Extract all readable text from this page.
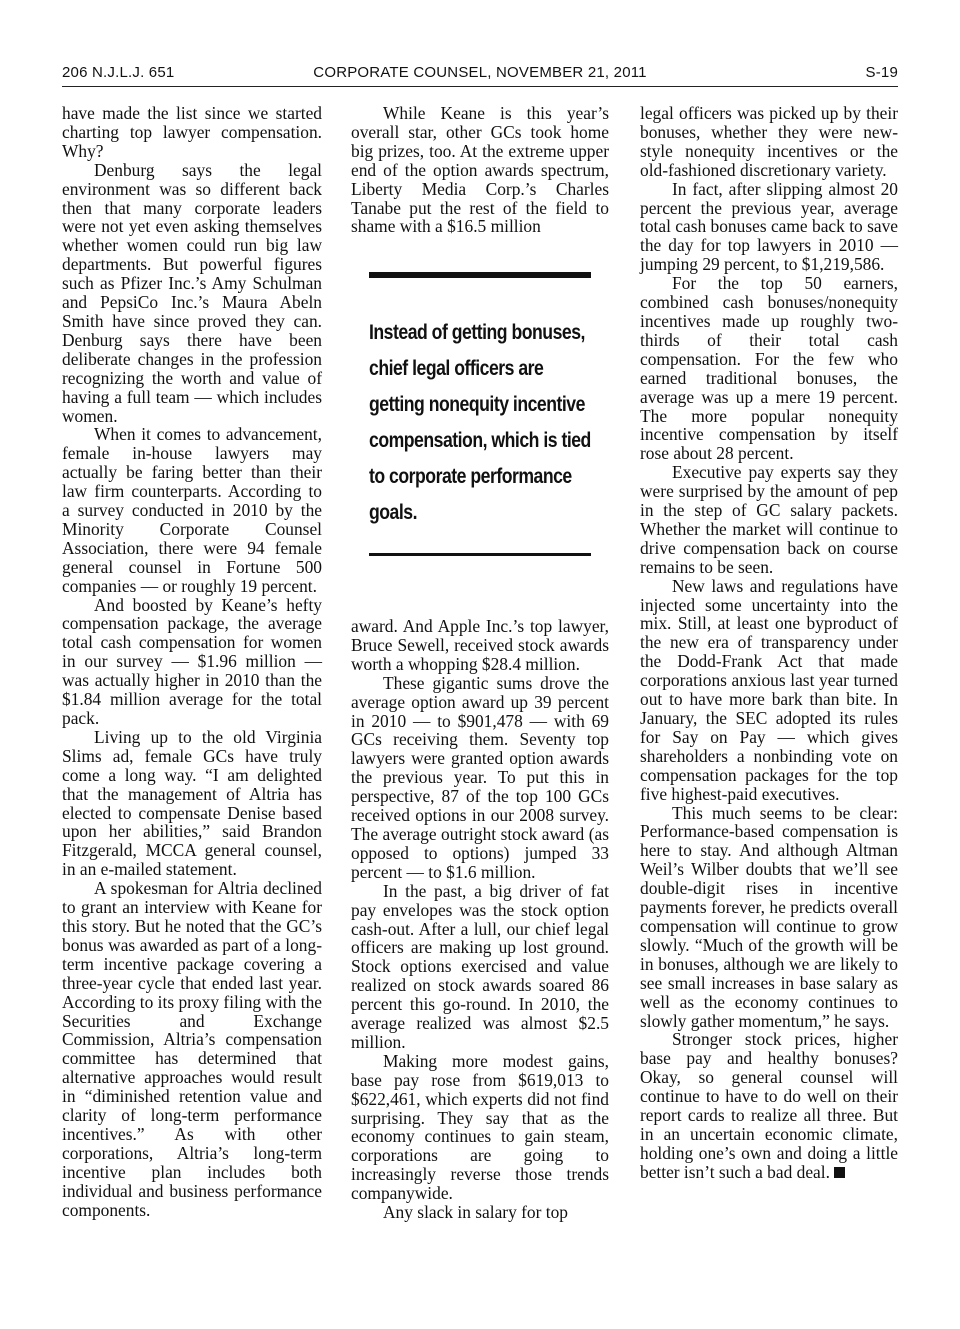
206 N.J.L.J. 651	CORPORATE COUNSEL, NOVEMBER 21, 2011	S-19

have made the list since we started charting top lawyer compensation. Why?

Denburg says the legal environment was so different back then that many corporate leaders were not yet even asking themselves whether women could run big law departments. But powerful figures such as Pfizer Inc.’s Amy Schulman and PepsiCo Inc.’s Maura Abeln Smith have since proved they can. Denburg says there have been deliberate changes in the profession recognizing the worth and value of having a full team — which includes women.

When it comes to advancement, female in-house lawyers may actually be faring better than their law firm counterparts. According to a survey conducted in 2010 by the Minority Corporate Counsel Association, there were 94 female general counsel in Fortune 500 companies — or roughly 19 percent.

And boosted by Keane’s hefty compensation package, the average total cash compensation for women in our survey — $1.96 million — was actually higher in 2010 than the $1.84 million average for the total pack.

Living up to the old Virginia Slims ad, female GCs have truly come a long way. “I am delighted that the management of Altria has elected to compensate Denise based upon her abilities,” said Brandon Fitzgerald, MCCA general counsel, in an e-mailed statement.

A spokesman for Altria declined to grant an interview with Keane for this story. But he noted that the GC’s bonus was awarded as part of a long-term incentive package covering a three-year cycle that ended last year. According to its proxy filing with the Securities and Exchange Commission, Altria’s compensation committee has determined that alternative approaches would result in “diminished retention value and clarity of long-term performance incentives.” As with other corporations, Altria’s long-term incentive plan includes both individual and business performance components.

While Keane is this year’s overall star, other GCs took home big prizes, too. At the extreme upper end of the option awards spectrum, Liberty Media Corp.’s Charles Tanabe put the rest of the field to shame with a $16.5 million

Instead of getting bonuses, chief legal officers are getting nonequity incentive compensation, which is tied to corporate performance goals.

award. And Apple Inc.’s top lawyer, Bruce Sewell, received stock awards worth a whopping $28.4 million.

These gigantic sums drove the average option award up 39 percent in 2010 — to $901,478 — with 69 GCs receiving them. Seventy top lawyers were granted option awards the previous year. To put this in perspective, 87 of the top 100 GCs received options in our 2008 survey. The average outright stock award (as opposed to options) jumped 33 percent — to $1.6 million.

In the past, a big driver of fat pay envelopes was the stock option cash-out. After a lull, our chief legal officers are making up lost ground. Stock options exercised and value realized on stock awards soared 86 percent this go-round. In 2010, the average realized was almost $2.5 million.

Making more modest gains, base pay rose from $619,013 to $622,461, which experts did not find surprising. They say that as the economy continues to gain steam, corporations are going to increasingly reverse those trends companywide.

Any slack in salary for top

legal officers was picked up by their bonuses, whether they were new-style nonequity incentives or the old-fashioned discretionary variety.

In fact, after slipping almost 20 percent the previous year, average total cash bonuses came back to save the day for top lawyers in 2010 — jumping 29 percent, to $1,219,586.

For the top 50 earners, combined cash bonuses/nonequity incentives made up roughly two-thirds of their total cash compensation. For the few who earned traditional bonuses, the average was up a mere 19 percent. The more popular nonequity incentive compensation by itself rose about 28 percent.

Executive pay experts say they were surprised by the amount of pep in the step of GC salary packets. Whether the market will continue to drive compensation back on course remains to be seen.

New laws and regulations have injected some uncertainty into the mix. Still, at least one byproduct of the new era of transparency under the Dodd-Frank Act that made corporations anxious last year turned out to have more bark than bite. In January, the SEC adopted its rules for Say on Pay — which gives shareholders a nonbinding vote on compensation packages for the top five highest-paid executives.

This much seems to be clear: Performance-based compensation is here to stay. And although Altman Weil’s Wilber doubts that we’ll see double-digit rises in incentive payments forever, he predicts overall compensation will continue to grow slowly. “Much of the growth will be in bonuses, although we are likely to see small increases in base salary as well as the economy continues to slowly gather momentum,” he says.

Stronger stock prices, higher base pay and healthy bonuses? Okay, so general counsel will continue to have to do well on their report cards to realize all three. But in an uncertain economic climate, holding one’s own and doing a little better isn’t such a bad deal.
